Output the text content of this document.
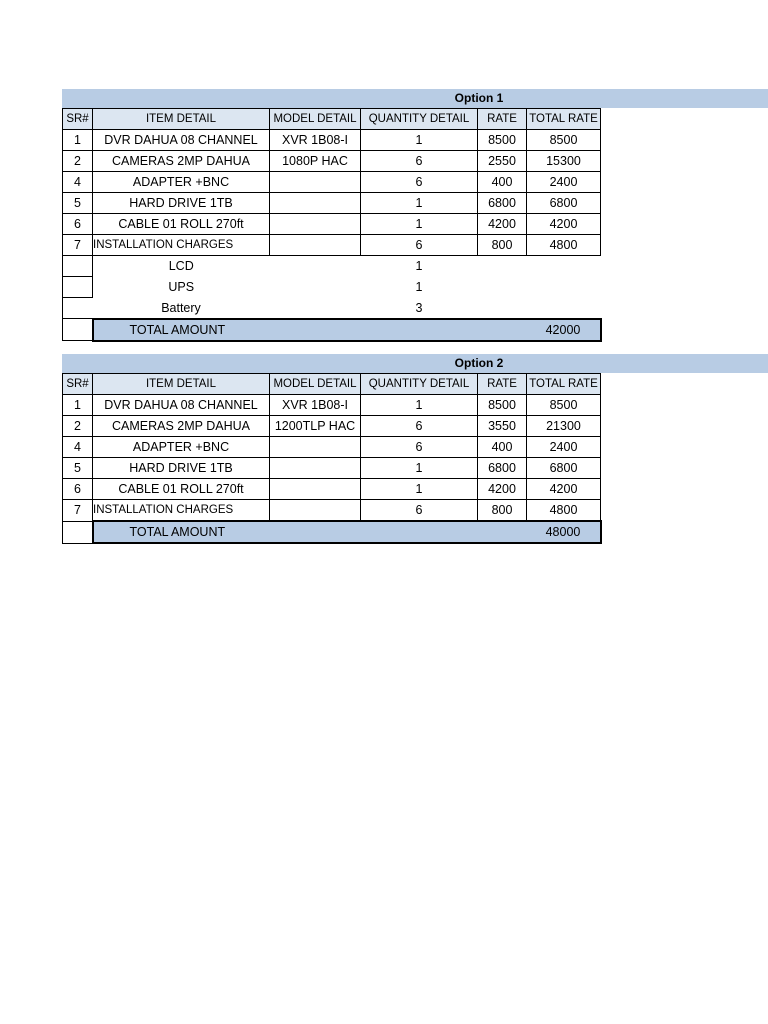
Option 1
SR#	ITEM DETAIL	MODEL DETAIL	QUANTITY DETAIL	RATE	TOTAL RATE
1	DVR DAHUA 08 CHANNEL	XVR 1B08-I	1	8500	8500
2	CAMERAS 2MP DAHUA	1080P HAC	6	2550	15300
4	ADAPTER +BNC		6	400	2400
5	HARD DRIVE 1TB		1	6800	6800
6	CABLE 01 ROLL 270ft		1	4200	4200
7	INSTALLATION CHARGES		6	800	4800
	LCD		1		
	UPS		1		
	Battery		3		
	TOTAL AMOUNT				42000
Option 2
SR#	ITEM DETAIL	MODEL DETAIL	QUANTITY DETAIL	RATE	TOTAL RATE
1	DVR DAHUA 08 CHANNEL	XVR 1B08-I	1	8500	8500
2	CAMERAS 2MP DAHUA	1200TLP HAC	6	3550	21300
4	ADAPTER +BNC		6	400	2400
5	HARD DRIVE 1TB		1	6800	6800
6	CABLE 01 ROLL 270ft		1	4200	4200
7	INSTALLATION CHARGES		6	800	4800
	TOTAL AMOUNT				48000
